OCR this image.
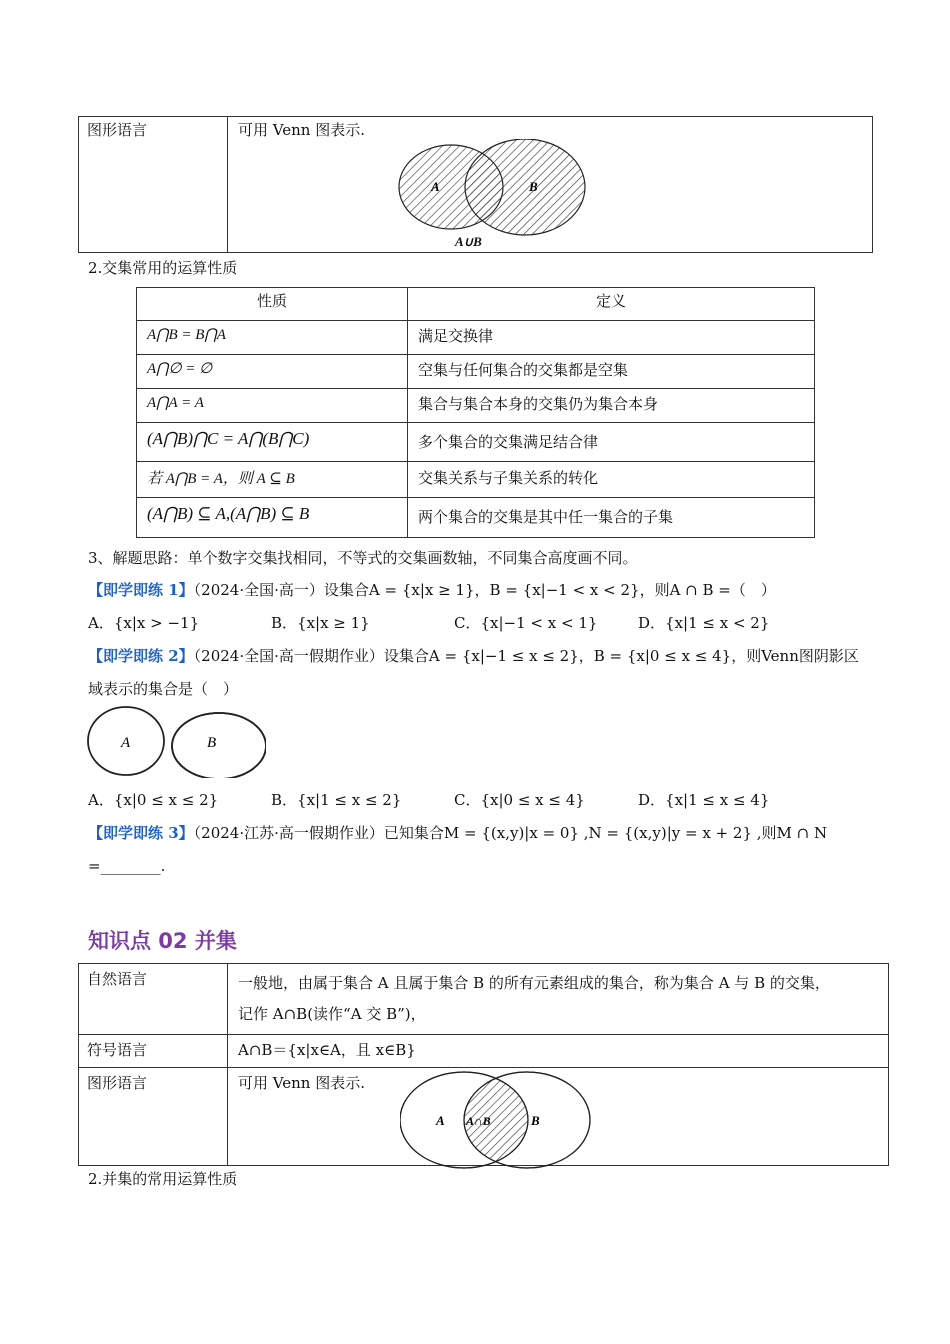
图形语言	可用 Venn 图表示.
A	B
A∪B
2.交集常用的运算性质
性质	定义
A⋂B = B⋂A	满足交换律
A⋂∅ = ∅	空集与任何集合的交集都是空集
A⋂A = A	集合与集合本身的交集仍为集合本身
(A⋂B)⋂C = A⋂(B⋂C)	多个集合的交集满足结合律
若 A⋂B = A，则 A ⊆ B	交集关系与子集关系的转化
(A⋂B) ⊆ A,(A⋂B) ⊆ B	两个集合的交集是其中任一集合的子集
3、解题思路：单个数字交集找相同，不等式的交集画数轴，不同集合高度画不同。
【即学即练 1】（2024·全国·高一）设集合A = {x|x ≥ 1}，B = {x|−1 < x < 2}，则A ∩ B =（　）
A．{x|x > −1}	B．{x|x ≥ 1}	C．{x|−1 < x < 1}	D．{x|1 ≤ x < 2}
【即学即练 2】（2024·全国·高一假期作业）设集合A = {x|−1 ≤ x ≤ 2}，B = {x|0 ≤ x ≤ 4}，则Venn图阴影区
域表示的集合是（　）
A	B
A．{x|0 ≤ x ≤ 2}	B．{x|1 ≤ x ≤ 2}	C．{x|0 ≤ x ≤ 4}	D．{x|1 ≤ x ≤ 4}
【即学即练 3】（2024·江苏·高一假期作业）已知集合M = {(x,y)|x = 0} ,N = {(x,y)|y = x + 2} ,则M ∩ N
=________.
知识点 02 并集
自然语言	一般地，由属于集合 A 且属于集合 B 的所有元素组成的集合，称为集合 A 与 B 的交集，
记作 A∩B(读作“A 交 B”)，

符号语言	A∩B＝{x|x∈A，且 x∈B}
图形语言	可用 Venn 图表示.
A A∩B B
2.并集的常用运算性质
